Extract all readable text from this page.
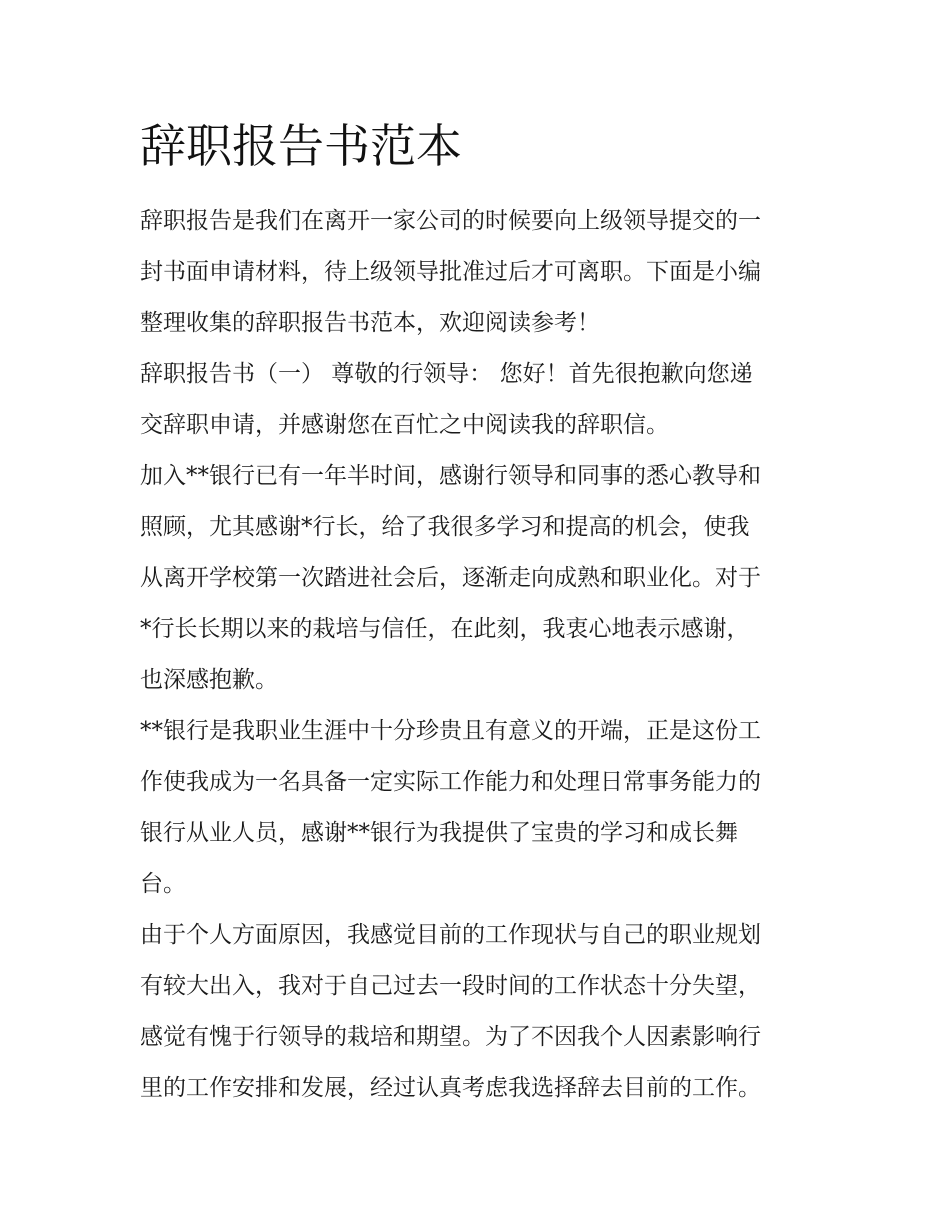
辞职报告书范本

辞职报告是我们在离开一家公司的时候要向上级领导提交的一

封书面申请材料，待上级领导批准过后才可离职。下面是小编

整理收集的辞职报告书范本，欢迎阅读参考！

辞职报告书（一） 尊敬的行领导： 您好！首先很抱歉向您递

交辞职申请，并感谢您在百忙之中阅读我的辞职信。

加入**银行已有一年半时间，感谢行领导和同事的悉心教导和

照顾，尤其感谢*行长，给了我很多学习和提高的机会，使我

从离开学校第一次踏进社会后，逐渐走向成熟和职业化。对于

*行长长期以来的栽培与信任，在此刻，我衷心地表示感谢，

也深感抱歉。

**银行是我职业生涯中十分珍贵且有意义的开端，正是这份工

作使我成为一名具备一定实际工作能力和处理日常事务能力的

银行从业人员，感谢**银行为我提供了宝贵的学习和成长舞

台。

由于个人方面原因，我感觉目前的工作现状与自己的职业规划

有较大出入，我对于自己过去一段时间的工作状态十分失望，

感觉有愧于行领导的栽培和期望。为了不因我个人因素影响行

里的工作安排和发展，经过认真考虑我选择辞去目前的工作。
